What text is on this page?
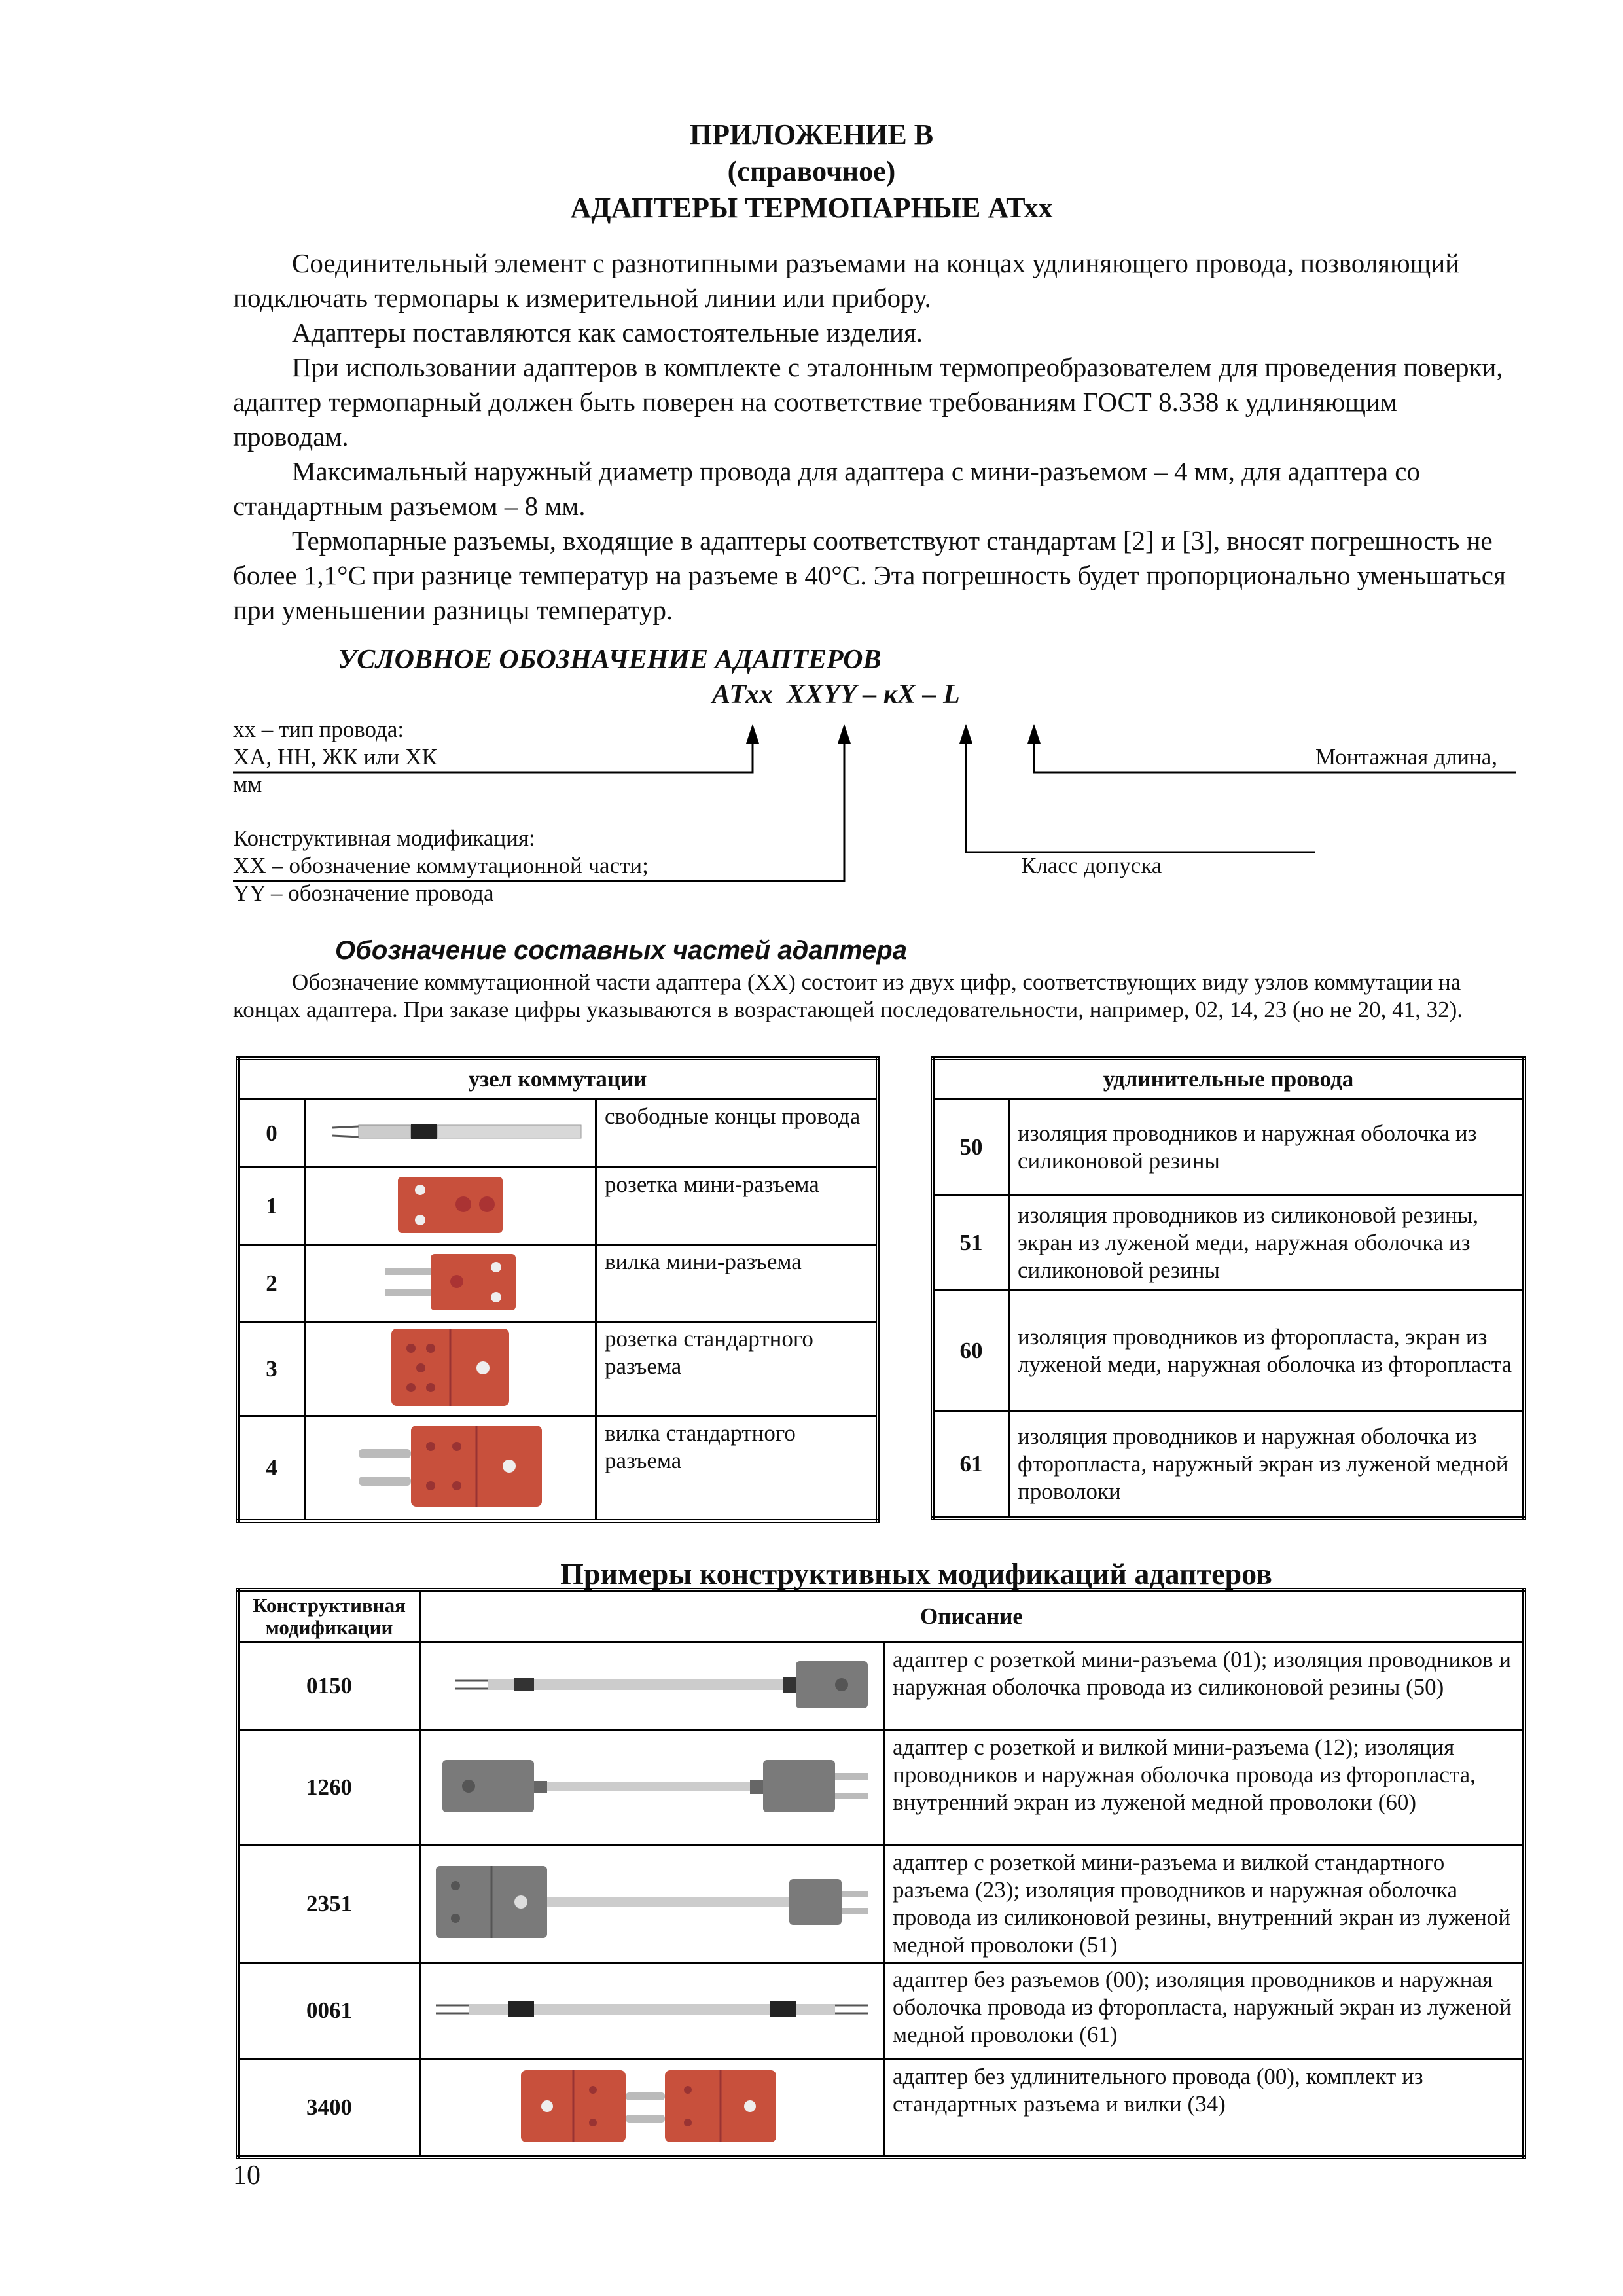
ПРИЛОЖЕНИЕ В
(справочное)
АДАПТЕРЫ ТЕРМОПАРНЫЕ АТхх

Соединительный элемент с разнотипными разъемами на концах удлиняющего провода, позволяющий подключать термопары к измерительной линии или прибору.

Адаптеры поставляются как самостоятельные изделия.

При использовании адаптеров в комплекте с эталонным термопреобразователем для проведения поверки, адаптер термопарный должен быть поверен на соответствие требованиям ГОСТ 8.338 к удлиняющим проводам.

Максимальный наружный диаметр провода для адаптера с мини-разъемом – 4 мм, для адаптера со стандартным разъемом – 8 мм.

Термопарные разъемы, входящие в адаптеры соответствуют стандартам [2] и [3], вносят погрешность не более 1,1°С при разнице температур на разъеме в 40°С. Эта погрешность будет пропорционально уменьшаться при уменьшении разницы температур.

УСЛОВНОЕ ОБОЗНАЧЕНИЕ АДАПТЕРОВ
АТхх  ХХYY – кХ – L
хх – тип провода:
ХА, НН, ЖК или ХК
мм
Монтажная длина,
Конструктивная модификация:
ХХ – обозначение коммутационной части;
YY – обозначение провода
Класс допуска
Обозначение составных частей адаптера
Обозначение коммутационной части адаптера (ХХ) состоит из двух цифр, соответствующих виду узлов коммутации на концах адаптера. При заказе цифры указываются в возрастающей последовательности, например, 02, 14, 23 (но не 20, 41, 32).
узел коммутации		
0		свободные концы провода
1		розетка мини-разъема
2		вилка мини-разъема
3		розетка стандартного разъема
4		вилка стандартного разъема
удлинительные провода	
50	изоляция проводников и наружная оболочка из силиконовой резины
51	изоляция проводников из силиконовой резины, экран из луженой меди, наружная оболочка из силиконовой резины
60	изоляция проводников из фторопласта, экран из луженой меди, наружная оболочка из фторопласта
61	изоляция проводников и наружная оболочка из фторопласта, наружный экран из луженой медной проволоки
Примеры конструктивных модификаций адаптеров
Конструктивная модификации	Описание	
0150		адаптер с розеткой мини-разъема (01); изоляция проводников и наружная оболочка провода из силиконовой резины (50)
1260		адаптер с розеткой и вилкой мини-разъема (12); изоляция проводников и наружная оболочка провода из фторопласта, внутренний экран из луженой медной проволоки (60)
2351		адаптер с розеткой мини-разъема и вилкой стандартного разъема (23); изоляция проводников и наружная оболочка провода из силиконовой резины, внутренний экран из луженой медной проволоки (51)
0061		адаптер без разъемов (00); изоляция проводников и наружная оболочка провода из фторопласта, наружный экран из луженой медной проволоки (61)
3400		адаптер без удлинительного провода (00), комплект из стандартных разъема и вилки (34)
10
